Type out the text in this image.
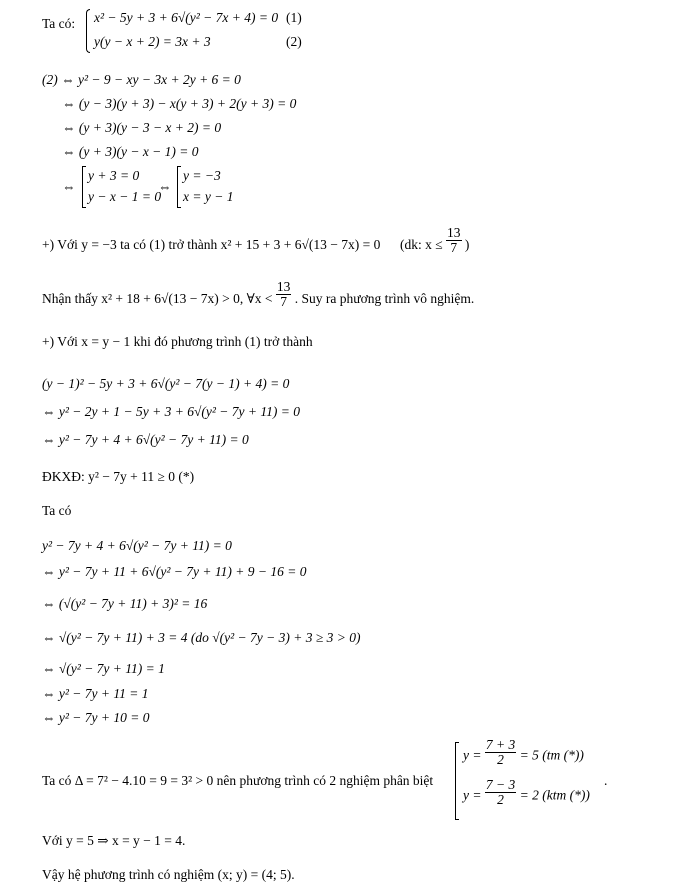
Ta có: x² − 5y + 3 + 6√(y² − 7x + 4) = 0 (1)
y(y − x + 2) = 3x + 3	(2)
(2) ⇔ y² − 9 − xy − 3x + 2y + 6 = 0
⇔ (y − 3)(y + 3) − x(y + 3) + 2(y + 3) = 0
⇔ (y + 3)(y − 3 − x + 2) = 0
⇔ (y + 3)(y − x − 1) = 0
⇔
y + 3 = 0
y − x − 1 = 0
⇔
y = −3
x = y − 1
+) Với y = −3 ta có (1) trở thành x² + 15 + 3 + 6√(13 − 7x) = 0 (dk: $x \le \frac{13}{7}$ )
Nhận thấy x² + 18 + 6√(13 − 7x) > 0, ∀x < $\frac{13}{7}$ . Suy ra phương trình vô nghiệm.
+) Với x = y − 1 khi đó phương trình (1) trở thành
(y − 1)² − 5y + 3 + 6√(y² − 7(y − 1) + 4) = 0
⇔ y² − 2y + 1 − 5y + 3 + 6√(y² − 7y + 11) = 0
⇔ y² − 7y + 4 + 6√(y² − 7y + 11) = 0
ĐKXĐ: y² − 7y + 11 ≥ 0 (*)
Ta có
y² − 7y + 4 + 6√(y² − 7y + 11) = 0
⇔ y² − 7y + 11 + 6√(y² − 7y + 11) + 9 − 16 = 0
⇔ (√(y² − 7y + 11) + 3)² = 16
⇔ √(y² − 7y + 11) + 3 = 4 (do √(y² − 7y − 3) + 3 ≥ 3 > 0)
⇔ √(y² − 7y + 11) = 1
⇔ y² − 7y + 11 = 1
⇔ y² − 7y + 10 = 0
Ta có Δ = 7² − 4.10 = 9 = 3² > 0 nên phương trình có 2 nghiệm phân biệt
$y = \frac{7 + 3}{2} = 5$ (tm (*))
$y = \frac{7 - 3}{2} = 2$ (ktm (*))
.
Với y = 5 ⇒ x = y − 1 = 4.
Vậy hệ phương trình có nghiệm (x; y) = (4; 5).
